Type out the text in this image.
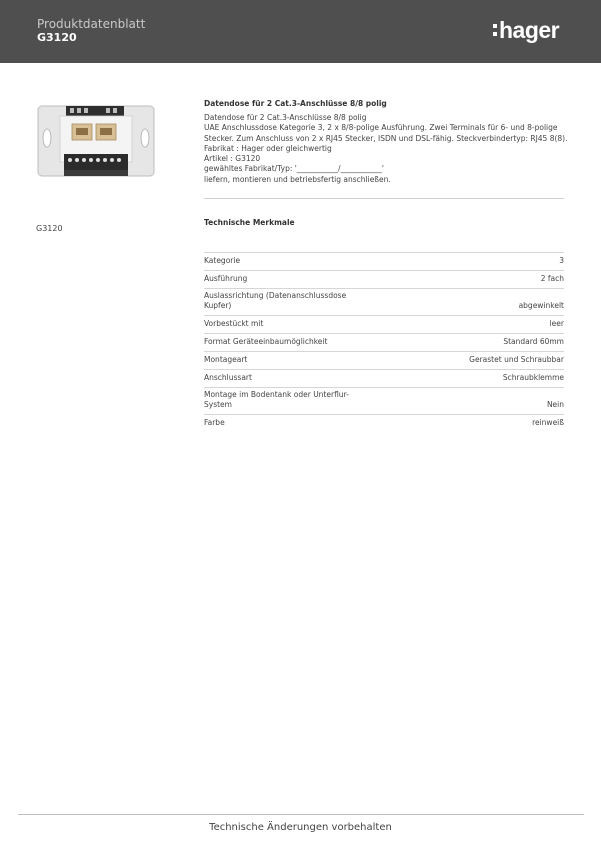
Produktdatenblatt
G3120	hager
G3120
Datendose für 2 Cat.3-Anschlüsse 8/8 polig
Datendose für 2 Cat.3-Anschlüsse 8/8 polig
UAE Anschlussdose Kategorie 3, 2 x 8/8-polige Ausführung. Zwei Terminals für 6- und 8-polige
Stecker. Zum Anschluss von 2 x RJ45 Stecker, ISDN und DSL-fähig. Steckverbindertyp: RJ45 8(8).
Fabrikat : Hager oder gleichwertig
Artikel : G3120
gewähltes Fabrikat/Typ: '___________/___________'
liefern, montieren und betriebsfertig anschließen.
Technische Merkmale
Kategorie	3
Ausführung	2 fach
Auslassrichtung (Datenanschlussdose
Kupfer)	abgewinkelt
Vorbestückt mit	leer
Format Geräteeinbaumöglichkeit	Standard 60mm
Montageart	Gerastet und Schraubbar
Anschlussart	Schraubklemme
Montage im Bodentank oder Unterflur-
System	Nein
Farbe	reinweiß
Technische Änderungen vorbehalten
